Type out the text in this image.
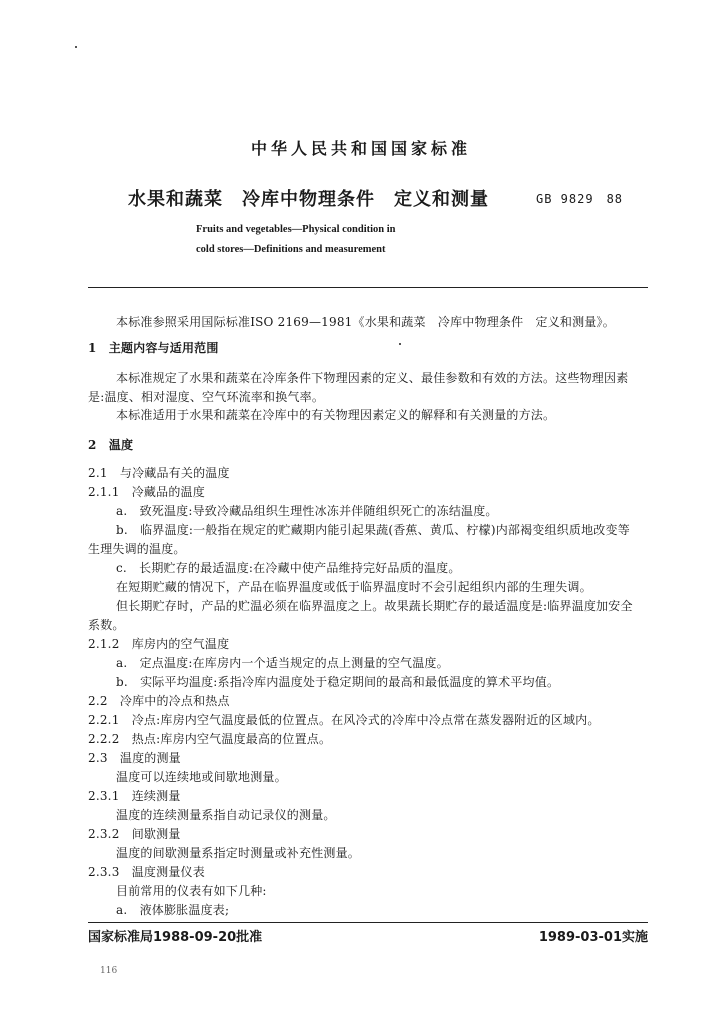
中华人民共和国国家标准
水果和蔬菜　冷库中物理条件　定义和测量	GB 9829　88
Fruits and vegetables—Physical condition in
cold stores—Definitions and measurement
本标准参照采用国际标准ISO 2169—1981《水果和蔬菜　冷库中物理条件　定义和测量》。
1　主题内容与适用范围
本标准规定了水果和蔬菜在冷库条件下物理因素的定义、最佳参数和有效的方法。这些物理因素
是:温度、相对湿度、空气环流率和换气率。
本标准适用于水果和蔬菜在冷库中的有关物理因素定义的解释和有关测量的方法。
2　温度
2.1　与冷藏品有关的温度
2.1.1　冷藏品的温度
a.　致死温度:导致冷藏品组织生理性冰冻并伴随组织死亡的冻结温度。
b.　临界温度:一般指在规定的贮藏期内能引起果蔬(香蕉、黄瓜、柠檬)内部褐变组织质地改变等
生理失调的温度。
c.　长期贮存的最适温度:在冷藏中使产品维持完好品质的温度。
在短期贮藏的情况下，产品在临界温度或低于临界温度时不会引起组织内部的生理失调。
但长期贮存时，产品的贮温必须在临界温度之上。故果蔬长期贮存的最适温度是:临界温度加安全
系数。
2.1.2　库房内的空气温度
a.　定点温度:在库房内一个适当规定的点上测量的空气温度。
b.　实际平均温度:系指冷库内温度处于稳定期间的最高和最低温度的算术平均值。
2.2　冷库中的冷点和热点
2.2.1　冷点:库房内空气温度最低的位置点。在风冷式的冷库中冷点常在蒸发器附近的区域内。
2.2.2　热点:库房内空气温度最高的位置点。
2.3　温度的测量
温度可以连续地或间歇地测量。
2.3.1　连续测量
温度的连续测量系指自动记录仪的测量。
2.3.2　间歇测量
温度的间歇测量系指定时测量或补充性测量。
2.3.3　温度测量仪表
目前常用的仪表有如下几种:
a.　液体膨胀温度表;
国家标准局1988-09-20批准	1989-03-01实施
116
